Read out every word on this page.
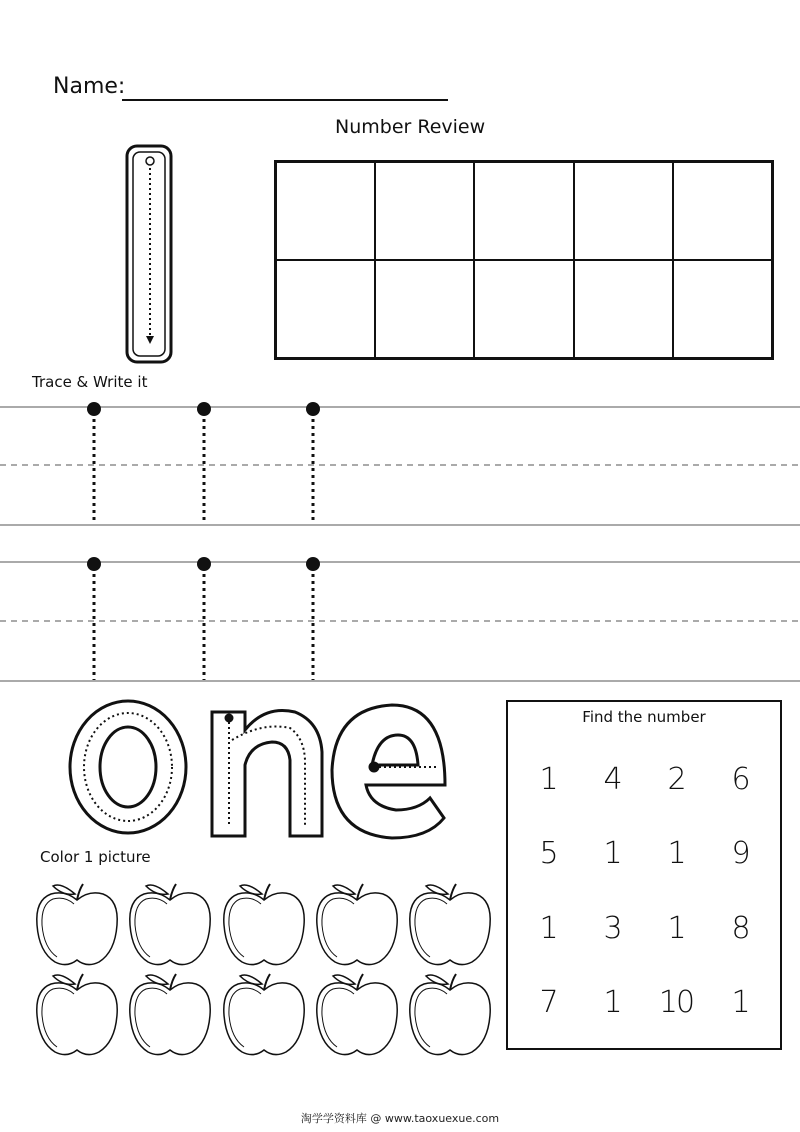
Name:
Number Review
Trace & Write it
Color 1 picture
Find the number
1	4	2	6
5	1	1	9
1	3	1	8
7	1	10	1
淘学学资料库 @ www.taoxuexue.com
